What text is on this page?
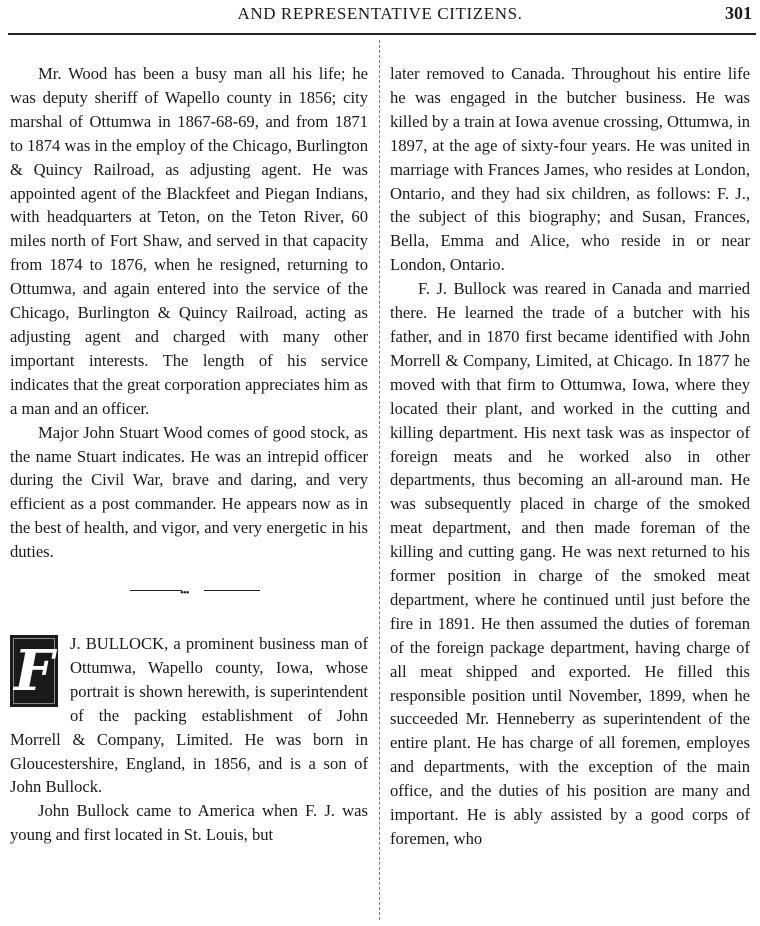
AND REPRESENTATIVE CITIZENS.	301

Mr. Wood has been a busy man all his life; he was deputy sheriff of Wapello county in 1856; city marshal of Ottumwa in 1867-68-69, and from 1871 to 1874 was in the employ of the Chicago, Burlington & Quincy Railroad, as adjusting agent. He was appointed agent of the Blackfeet and Piegan Indians, with headquarters at Teton, on the Teton River, 60 miles north of Fort Shaw, and served in that capacity from 1874 to 1876, when he resigned, returning to Ottumwa, and again entered into the service of the Chicago, Burlington & Quincy Railroad, acting as adjusting agent and charged with many other important interests. The length of his service indicates that the great corporation appreciates him as a man and an officer.

Major John Stuart Wood comes of good stock, as the name Stuart indicates. He was an intrepid officer during the Civil War, brave and daring, and very efficient as a post commander. He appears now as in the best of health, and vigor, and very energetic in his duties.

•••
F J. BULLOCK, a prominent business man of Ottumwa, Wapello county, Iowa, whose portrait is shown herewith, is superintendent of the packing establishment of John Morrell & Company, Limited. He was born in Gloucestershire, England, in 1856, and is a son of John Bullock.

John Bullock came to America when F. J. was young and first located in St. Louis, but

later removed to Canada. Throughout his entire life he was engaged in the butcher business. He was killed by a train at Iowa avenue crossing, Ottumwa, in 1897, at the age of sixty-four years. He was united in marriage with Frances James, who resides at London, Ontario, and they had six children, as follows: F. J., the subject of this biography; and Susan, Frances, Bella, Emma and Alice, who reside in or near London, Ontario.

F. J. Bullock was reared in Canada and married there. He learned the trade of a butcher with his father, and in 1870 first became identified with John Morrell & Company, Limited, at Chicago. In 1877 he moved with that firm to Ottumwa, Iowa, where they located their plant, and worked in the cutting and killing department. His next task was as inspector of foreign meats and he worked also in other departments, thus becoming an all-around man. He was subsequently placed in charge of the smoked meat department, and then made foreman of the killing and cutting gang. He was next returned to his former position in charge of the smoked meat department, where he continued until just before the fire in 1891. He then assumed the duties of foreman of the foreign package department, having charge of all meat shipped and exported. He filled this responsible position until November, 1899, when he succeeded Mr. Henneberry as superintendent of the entire plant. He has charge of all foremen, employes and departments, with the exception of the main office, and the duties of his position are many and important. He is ably assisted by a good corps of foremen, who
